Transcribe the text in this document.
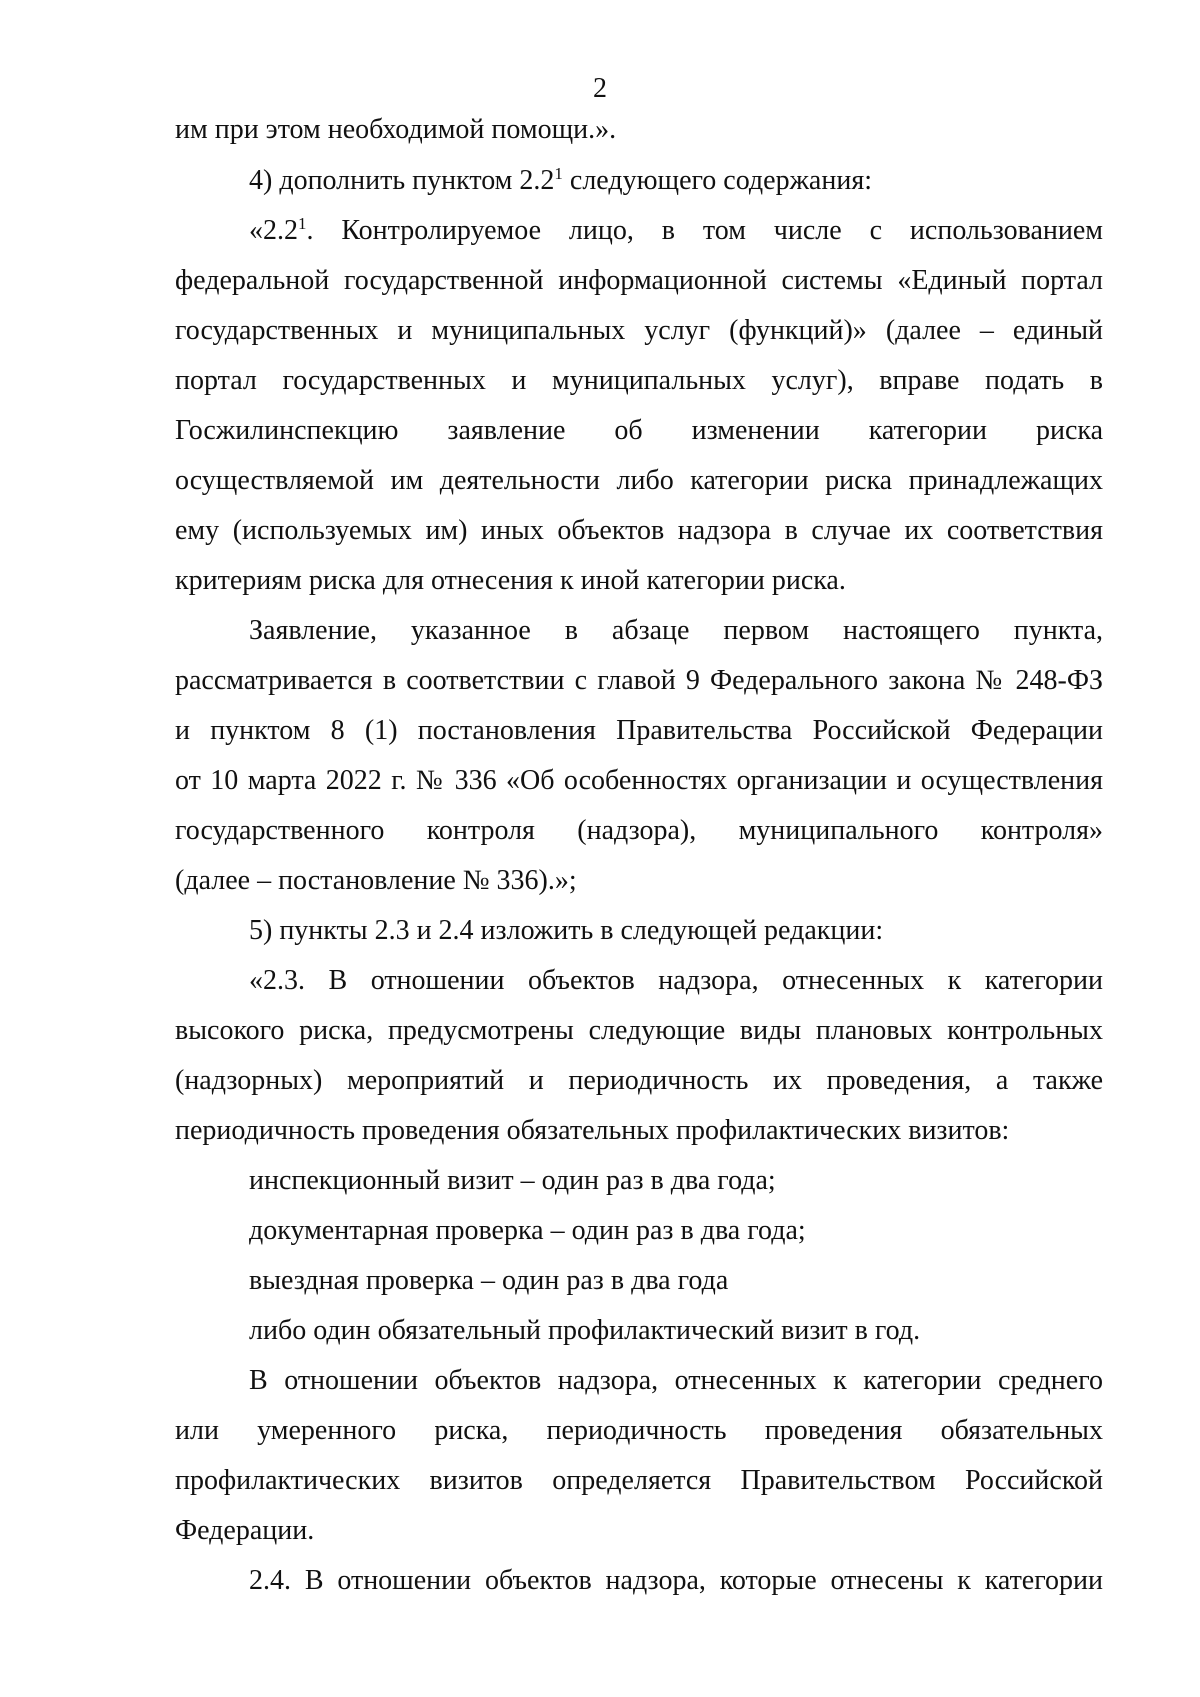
2
им при этом необходимой помощи.».
4) дополнить пунктом $2.2^1$ следующего содержания:
«$2.2^1$. Контролируемое лицо, в том числе с использованием
федеральной государственной информационной системы «Единый портал
государственных и муниципальных услуг (функций)» (далее – единый
портал государственных и муниципальных услуг), вправе подать в
Госжилинспекцию заявление об изменении категории риска
осуществляемой им деятельности либо категории риска принадлежащих
ему (используемых им) иных объектов надзора в случае их соответствия
критериям риска для отнесения к иной категории риска.
Заявление, указанное в абзаце первом настоящего пункта,
рассматривается в соответствии с главой 9 Федерального закона № 248-ФЗ
и пунктом 8 (1) постановления Правительства Российской Федерации
от 10 марта 2022 г. № 336 «Об особенностях организации и осуществления
государственного контроля (надзора), муниципального контроля»
(далее – постановление № 336).»;
5) пункты 2.3 и 2.4 изложить в следующей редакции:
«2.3. В отношении объектов надзора, отнесенных к категории
высокого риска, предусмотрены следующие виды плановых контрольных
(надзорных) мероприятий и периодичность их проведения, а также
периодичность проведения обязательных профилактических визитов:
инспекционный визит – один раз в два года;
документарная проверка – один раз в два года;
выездная проверка – один раз в два года
либо один обязательный профилактический визит в год.
В отношении объектов надзора, отнесенных к категории среднего
или умеренного риска, периодичность проведения обязательных
профилактических визитов определяется Правительством Российской
Федерации.
2.4. В отношении объектов надзора, которые отнесены к категории
